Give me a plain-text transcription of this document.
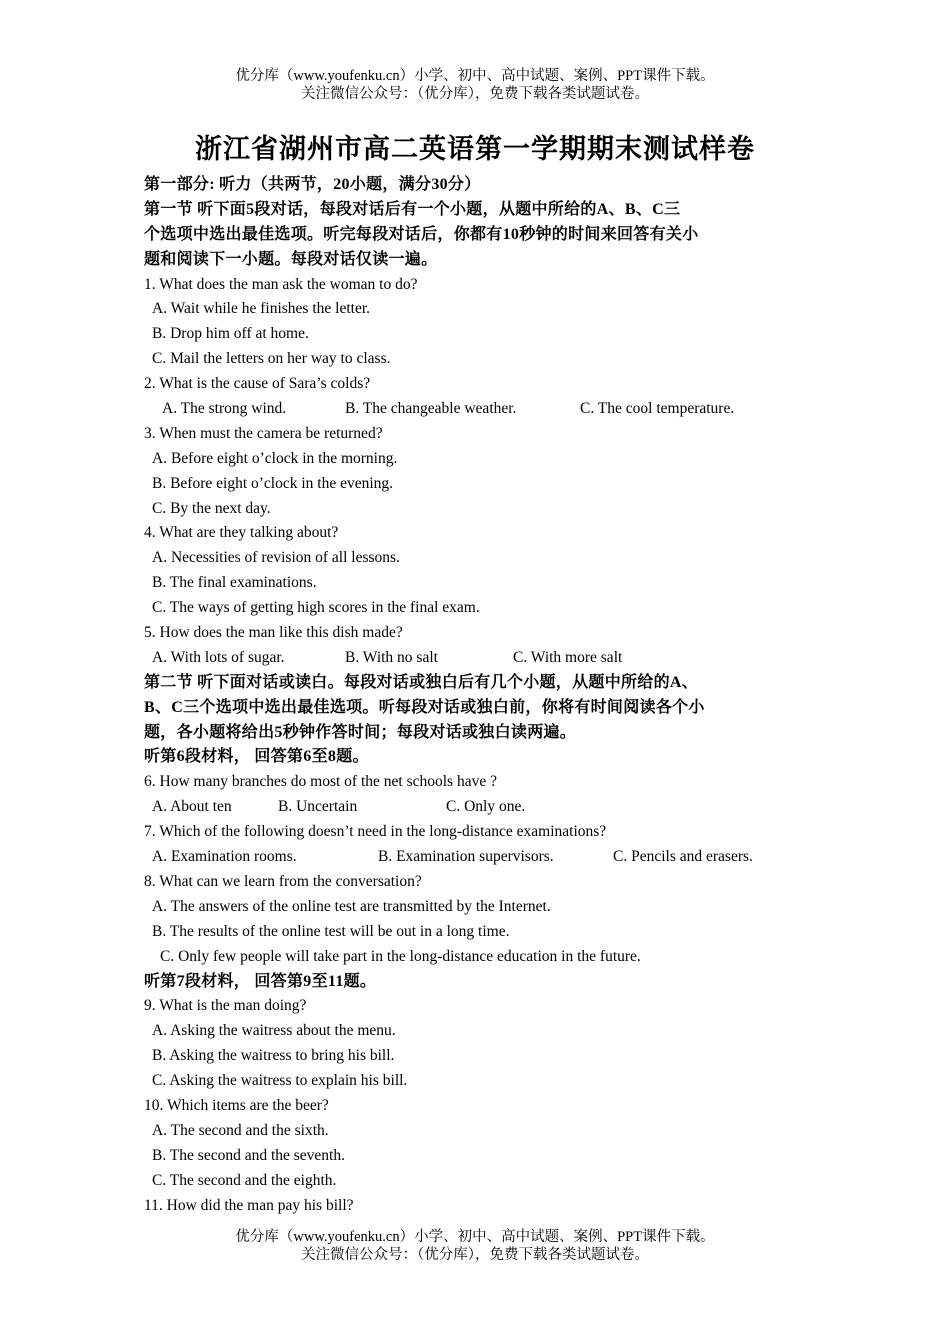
优分库（www.youfenku.cn）小学、初中、高中试题、案例、PPT课件下载。
关注微信公众号：（优分库），免费下载各类试题试卷。
浙江省湖州市高二英语第一学期期末测试样卷
第一部分: 听力（共两节，20小题，满分30分）
第一节 听下面5段对话，每段对话后有一个小题，从题中所给的A、B、C三
个选项中选出最佳选项。听完每段对话后，你都有10秒钟的时间来回答有关小
题和阅读下一小题。每段对话仅读一遍。
1. What does the man ask the woman to do?
A. Wait while he finishes the letter.
B. Drop him off at home.
C. Mail the letters on her way to class.
2. What is the cause of Sara’s colds?
A. The strong wind.	B. The changeable weather.	C. The cool temperature.
3. When must the camera be returned?
A. Before eight o’clock in the morning.
B. Before eight o’clock in the evening.
C. By the next day.
4. What are they talking about?
A. Necessities of revision of all lessons.
B. The final examinations.
C. The ways of getting high scores in the final exam.
5. How does the man like this dish made?
A. With lots of sugar.	B. With no salt	C. With more salt
第二节 听下面对话或读白。每段对话或独白后有几个小题，从题中所给的A、
B、C三个选项中选出最佳选项。听每段对话或独白前，你将有时间阅读各个小
题，各小题将给出5秒钟作答时间；每段对话或独白读两遍。
听第6段材料， 回答第6至8题。
6. How many branches do most of the net schools have ?
A. About ten	B. Uncertain	C. Only one.
7. Which of the following doesn’t need in the long-distance examinations?
A. Examination rooms.	B. Examination supervisors.	C. Pencils and erasers.
8. What can we learn from the conversation?
A. The answers of the online test are transmitted by the Internet.
B. The results of the online test will be out in a long time.
C. Only few people will take part in the long-distance education in the future.
听第7段材料， 回答第9至11题。
9. What is the man doing?
A. Asking the waitress about the menu.
B. Asking the waitress to bring his bill.
C. Asking the waitress to explain his bill.
10. Which items are the beer?
A. The second and the sixth.
B. The second and the seventh.
C. The second and the eighth.
11. How did the man pay his bill?
优分库（www.youfenku.cn）小学、初中、高中试题、案例、PPT课件下载。
关注微信公众号：（优分库），免费下载各类试题试卷。
